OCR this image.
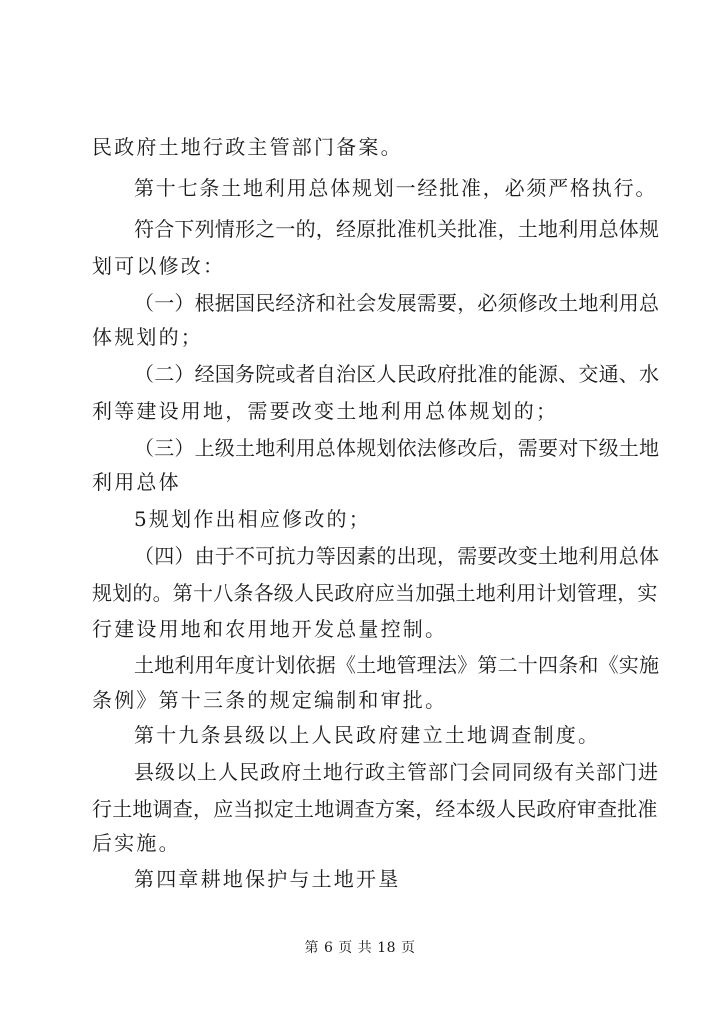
民政府土地行政主管部门备案。
第十七条土地利用总体规划一经批准，必须严格执行。
符合下列情形之一的，经原批准机关批准，土地利用总体规
划可以修改：
（一）根据国民经济和社会发展需要，必须修改土地利用总
体规划的；
（二）经国务院或者自治区人民政府批准的能源、交通、水
利等建设用地，需要改变土地利用总体规划的；
（三）上级土地利用总体规划依法修改后，需要对下级土地
利用总体
5规划作出相应修改的；
（四）由于不可抗力等因素的出现，需要改变土地利用总体
规划的。第十八条各级人民政府应当加强土地利用计划管理，实
行建设用地和农用地开发总量控制。
土地利用年度计划依据《土地管理法》第二十四条和《实施
条例》第十三条的规定编制和审批。
第十九条县级以上人民政府建立土地调查制度。
县级以上人民政府土地行政主管部门会同同级有关部门进
行土地调查，应当拟定土地调查方案，经本级人民政府审查批准
后实施。
第四章耕地保护与土地开垦
第 6 页 共 18 页
